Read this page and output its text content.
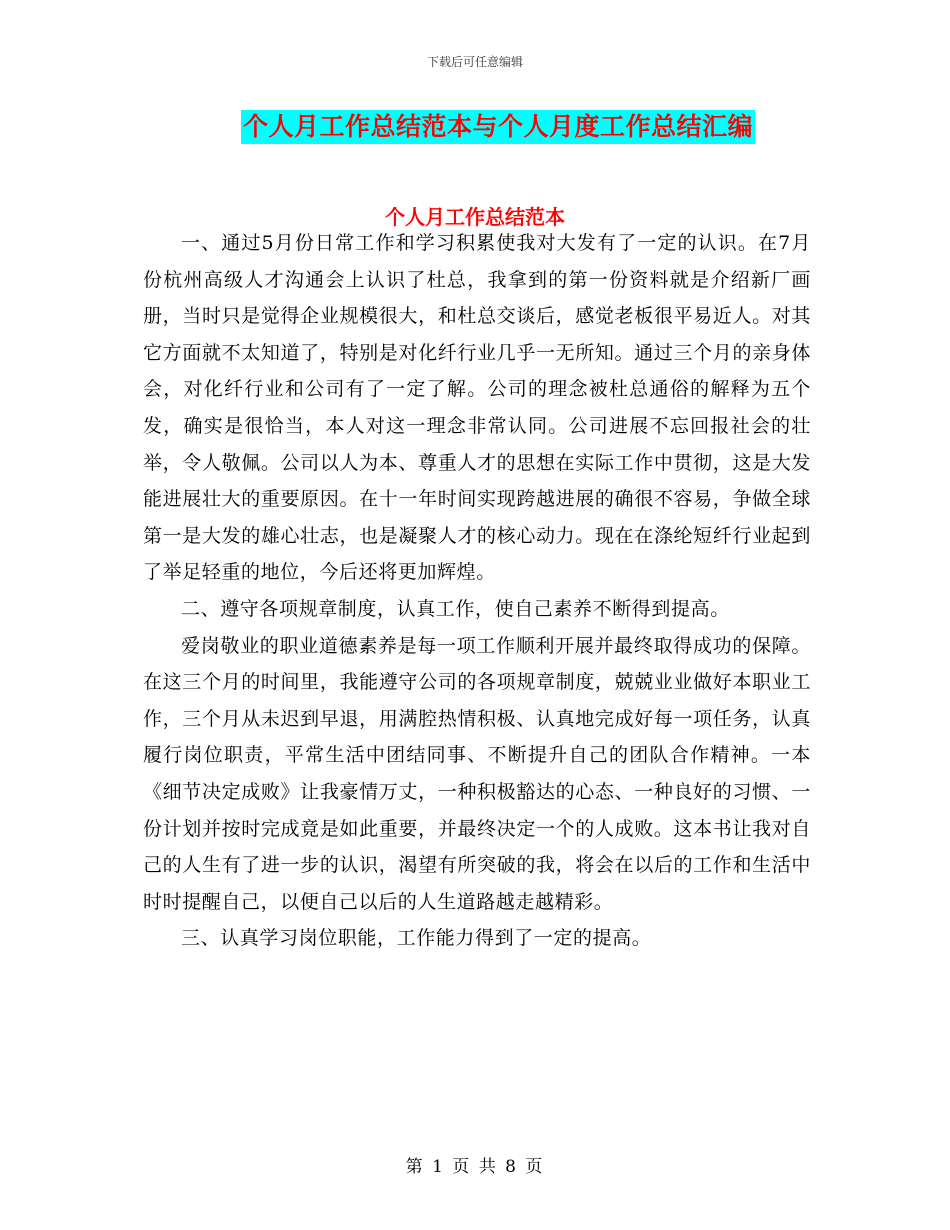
下载后可任意编辑
个人月工作总结范本与个人月度工作总结汇编
个人月工作总结范本

一、通过5月份日常工作和学习积累使我对大发有了一定的认识。在7月份杭州高级人才沟通会上认识了杜总，我拿到的第一份资料就是介绍新厂画册，当时只是觉得企业规模很大，和杜总交谈后，感觉老板很平易近人。对其它方面就不太知道了，特别是对化纤行业几乎一无所知。通过三个月的亲身体会，对化纤行业和公司有了一定了解。公司的理念被杜总通俗的解释为五个发，确实是很恰当，本人对这一理念非常认同。公司进展不忘回报社会的壮举，令人敬佩。公司以人为本、尊重人才的思想在实际工作中贯彻，这是大发能进展壮大的重要原因。在十一年时间实现跨越进展的确很不容易，争做全球第一是大发的雄心壮志，也是凝聚人才的核心动力。现在在涤纶短纤行业起到了举足轻重的地位，今后还将更加辉煌。

二、遵守各项规章制度，认真工作，使自己素养不断得到提高。

爱岗敬业的职业道德素养是每一项工作顺利开展并最终取得成功的保障。在这三个月的时间里，我能遵守公司的各项规章制度，兢兢业业做好本职业工作，三个月从未迟到早退，用满腔热情积极、认真地完成好每一项任务，认真履行岗位职责，平常生活中团结同事、不断提升自己的团队合作精神。一本《细节决定成败》让我豪情万丈，一种积极豁达的心态、一种良好的习惯、一份计划并按时完成竟是如此重要，并最终决定一个的人成败。这本书让我对自己的人生有了进一步的认识，渴望有所突破的我，将会在以后的工作和生活中时时提醒自己，以便自己以后的人生道路越走越精彩。

三、认真学习岗位职能，工作能力得到了一定的提高。

第 1 页 共 8 页
